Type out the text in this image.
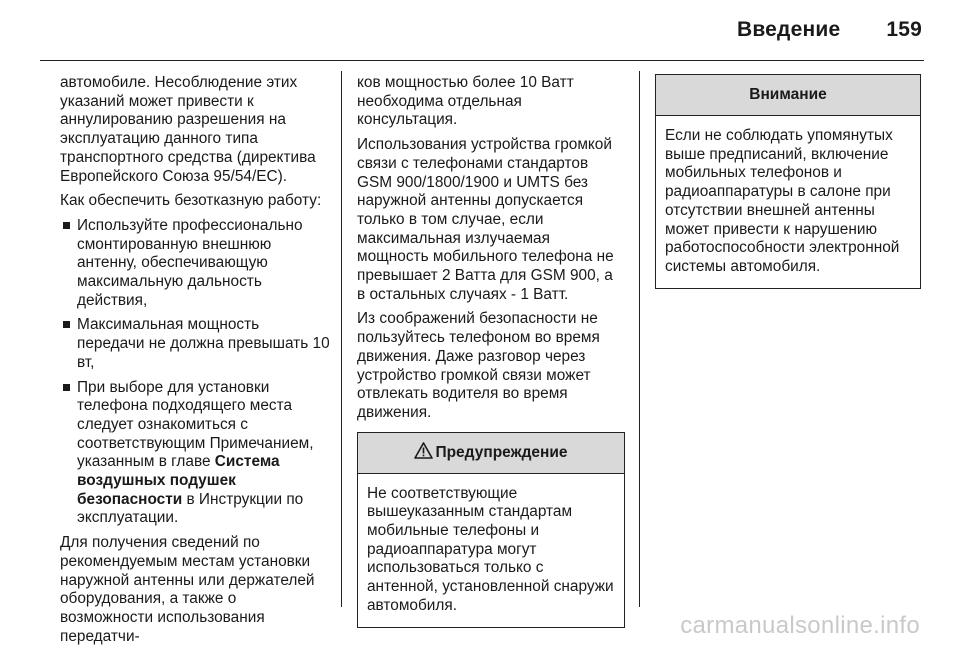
Введение 159

автомобиле. Несоблюдение этих указаний может привести к аннулированию разрешения на эксплуатацию данного типа транспортного средства (директива Европейского Союза 95/54/EC).

Как обеспечить безотказную работу:

Используйте профессионально смонтированную внешнюю антенну, обеспечивающую максимальную дальность действия,
Максимальная мощность передачи не должна превышать 10 вт,
При выборе для установки телефона подходящего места следует ознакомиться с соответствующим Примечанием, указанным в главе Система воздушных подушек безопасности в Инструкции по эксплуатации.

Для получения сведений по рекомендуемым местам установки наружной антенны или держателей оборудования, а также о возможности использования передатчи-

ков мощностью более 10 Ватт необходима отдельная консультация.

Использования устройства громкой связи с телефонами стандартов GSM 900/1800/1900 и UMTS без наружной антенны допускается только в том случае, если максимальная излучаемая мощность мобильного телефона не превышает 2 Ватта для GSM 900, а в остальных случаях - 1 Ватт.

Из соображений безопасности не пользуйтесь телефоном во время движения. Даже разговор через устройство громкой связи может отвлекать водителя во время движения.

Предупреждение
Не соответствующие вышеуказанным стандартам мобильные телефоны и радиоаппаратура могут использоваться только с антенной, установленной снаружи автомобиля.
Внимание
Если не соблюдать упомянутых выше предписаний, включение мобильных телефонов и радиоаппаратуры в салоне при отсутствии внешней антенны может привести к нарушению работоспособности электронной системы автомобиля.
carmanualsonline.info
